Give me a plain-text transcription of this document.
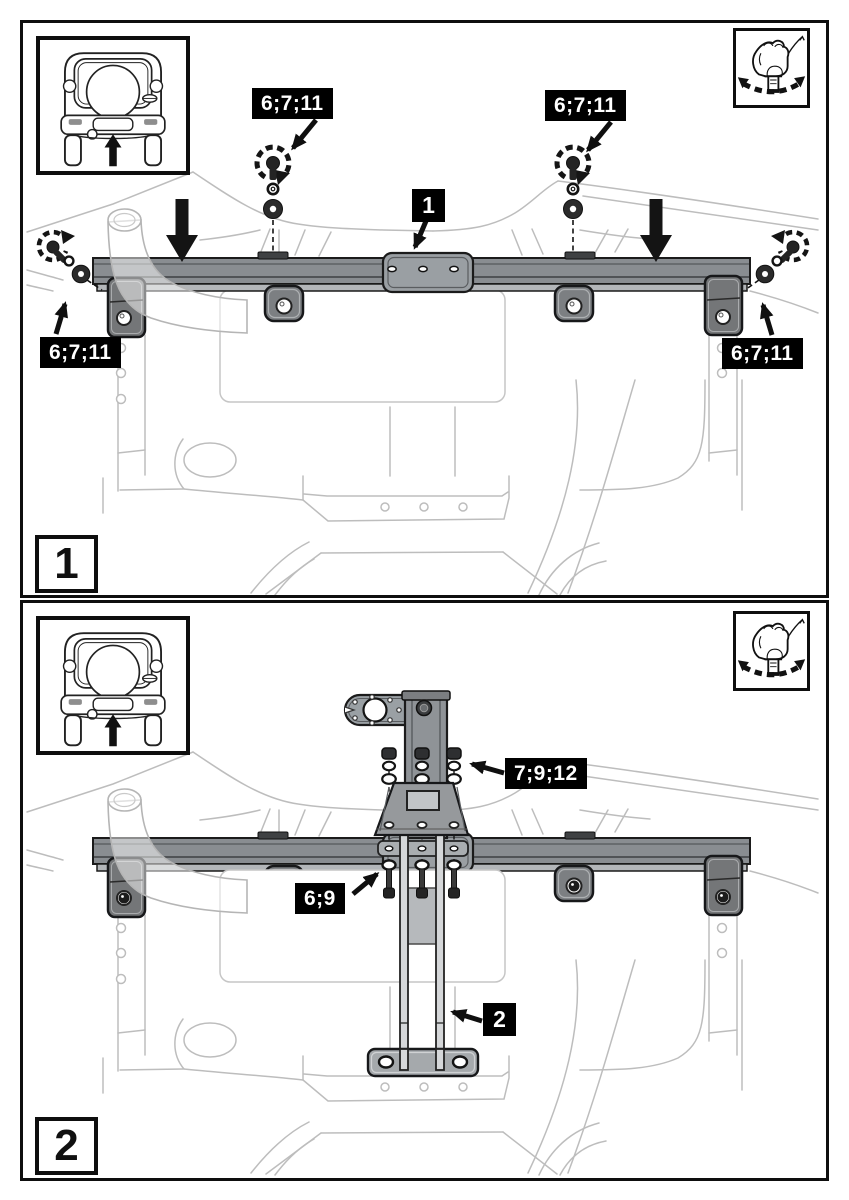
6;7;11	6;7;11
6;7;11	6;7;11
1
1
7;9;12
6;9
2
2
